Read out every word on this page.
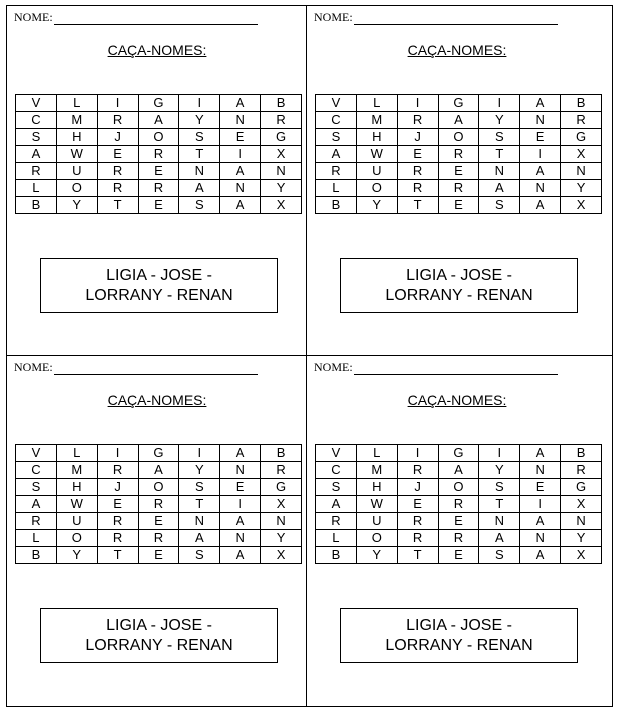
NOME:
CAÇA-NOMES:
V	L	I	G	I	A	B
C	M	R	A	Y	N	R
S	H	J	O	S	E	G
A	W	E	R	T	I	X
R	U	R	E	N	A	N
L	O	R	R	A	N	Y
B	Y	T	E	S	A	X
LIGIA - JOSE -
LORRANY - RENAN
NOME:
CAÇA-NOMES:
V	L	I	G	I	A	B
C	M	R	A	Y	N	R
S	H	J	O	S	E	G
A	W	E	R	T	I	X
R	U	R	E	N	A	N
L	O	R	R	A	N	Y
B	Y	T	E	S	A	X
LIGIA - JOSE -
LORRANY - RENAN
NOME:
CAÇA-NOMES:
V	L	I	G	I	A	B
C	M	R	A	Y	N	R
S	H	J	O	S	E	G
A	W	E	R	T	I	X
R	U	R	E	N	A	N
L	O	R	R	A	N	Y
B	Y	T	E	S	A	X
LIGIA - JOSE -
LORRANY - RENAN
NOME:
CAÇA-NOMES:
V	L	I	G	I	A	B
C	M	R	A	Y	N	R
S	H	J	O	S	E	G
A	W	E	R	T	I	X
R	U	R	E	N	A	N
L	O	R	R	A	N	Y
B	Y	T	E	S	A	X
LIGIA - JOSE -
LORRANY - RENAN
